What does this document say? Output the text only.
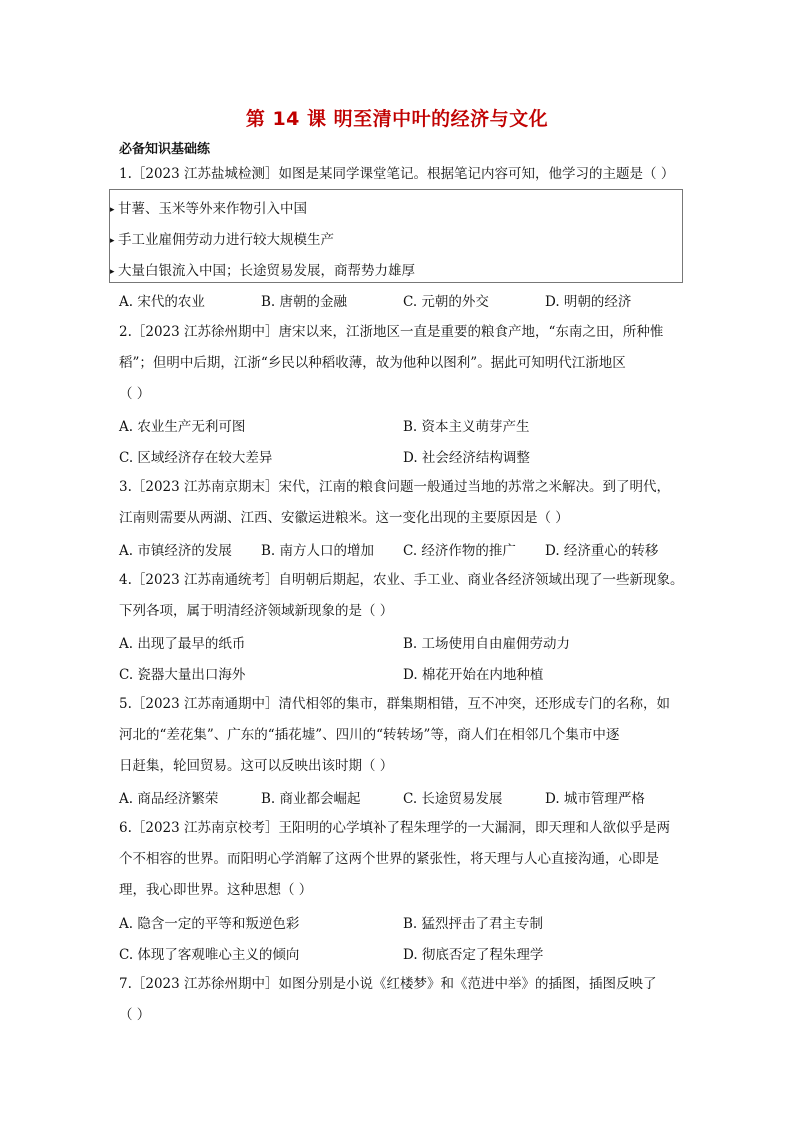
第 14 课 明至清中叶的经济与文化
必备知识基础练
1.［2023 江苏盐城检测］如图是某同学课堂笔记。根据笔记内容可知，他学习的主题是（ ）
▸ 甘薯、玉米等外来作物引入中国
▸ 手工业雇佣劳动力进行较大规模生产
▸ 大量白银流入中国；长途贸易发展，商帮势力雄厚
A. 宋代的农业	B. 唐朝的金融	C. 元朝的外交	D. 明朝的经济
2.［2023 江苏徐州期中］唐宋以来，江浙地区一直是重要的粮食产地，“东南之田，所种惟
稻”；但明中后期，江浙“乡民以种稻收薄，故为他种以图利”。据此可知明代江浙地区
（ ）
A. 农业生产无利可图	B. 资本主义萌芽产生
C. 区域经济存在较大差异	D. 社会经济结构调整
3.［2023 江苏南京期末］宋代，江南的粮食问题一般通过当地的苏常之米解决。到了明代，
江南则需要从两湖、江西、安徽运进粮米。这一变化出现的主要原因是（ ）
A. 市镇经济的发展 B. 南方人口的增加 C. 经济作物的推广 D. 经济重心的转移
4.［2023 江苏南通统考］自明朝后期起，农业、手工业、商业各经济领域出现了一些新现象。
下列各项，属于明清经济领域新现象的是（ ）
A. 出现了最早的纸币	B. 工场使用自由雇佣劳动力
C. 瓷器大量出口海外	D. 棉花开始在内地种植
5.［2023 江苏南通期中］清代相邻的集市，群集期相错，互不冲突，还形成专门的名称，如
河北的“差花集”、广东的“插花墟”、四川的“转转场”等，商人们在相邻几个集市中逐
日赶集，轮回贸易。这可以反映出该时期（ ）
A. 商品经济繁荣	B. 商业都会崛起	C. 长途贸易发展	D. 城市管理严格
6.［2023 江苏南京校考］王阳明的心学填补了程朱理学的一大漏洞，即天理和人欲似乎是两
个不相容的世界。而阳明心学消解了这两个世界的紧张性，将天理与人心直接沟通，心即是
理，我心即世界。这种思想（ ）
A. 隐含一定的平等和叛逆色彩	B. 猛烈抨击了君主专制
C. 体现了客观唯心主义的倾向	D. 彻底否定了程朱理学
7.［2023 江苏徐州期中］如图分别是小说《红楼梦》和《范进中举》的插图，插图反映了
（ ）
